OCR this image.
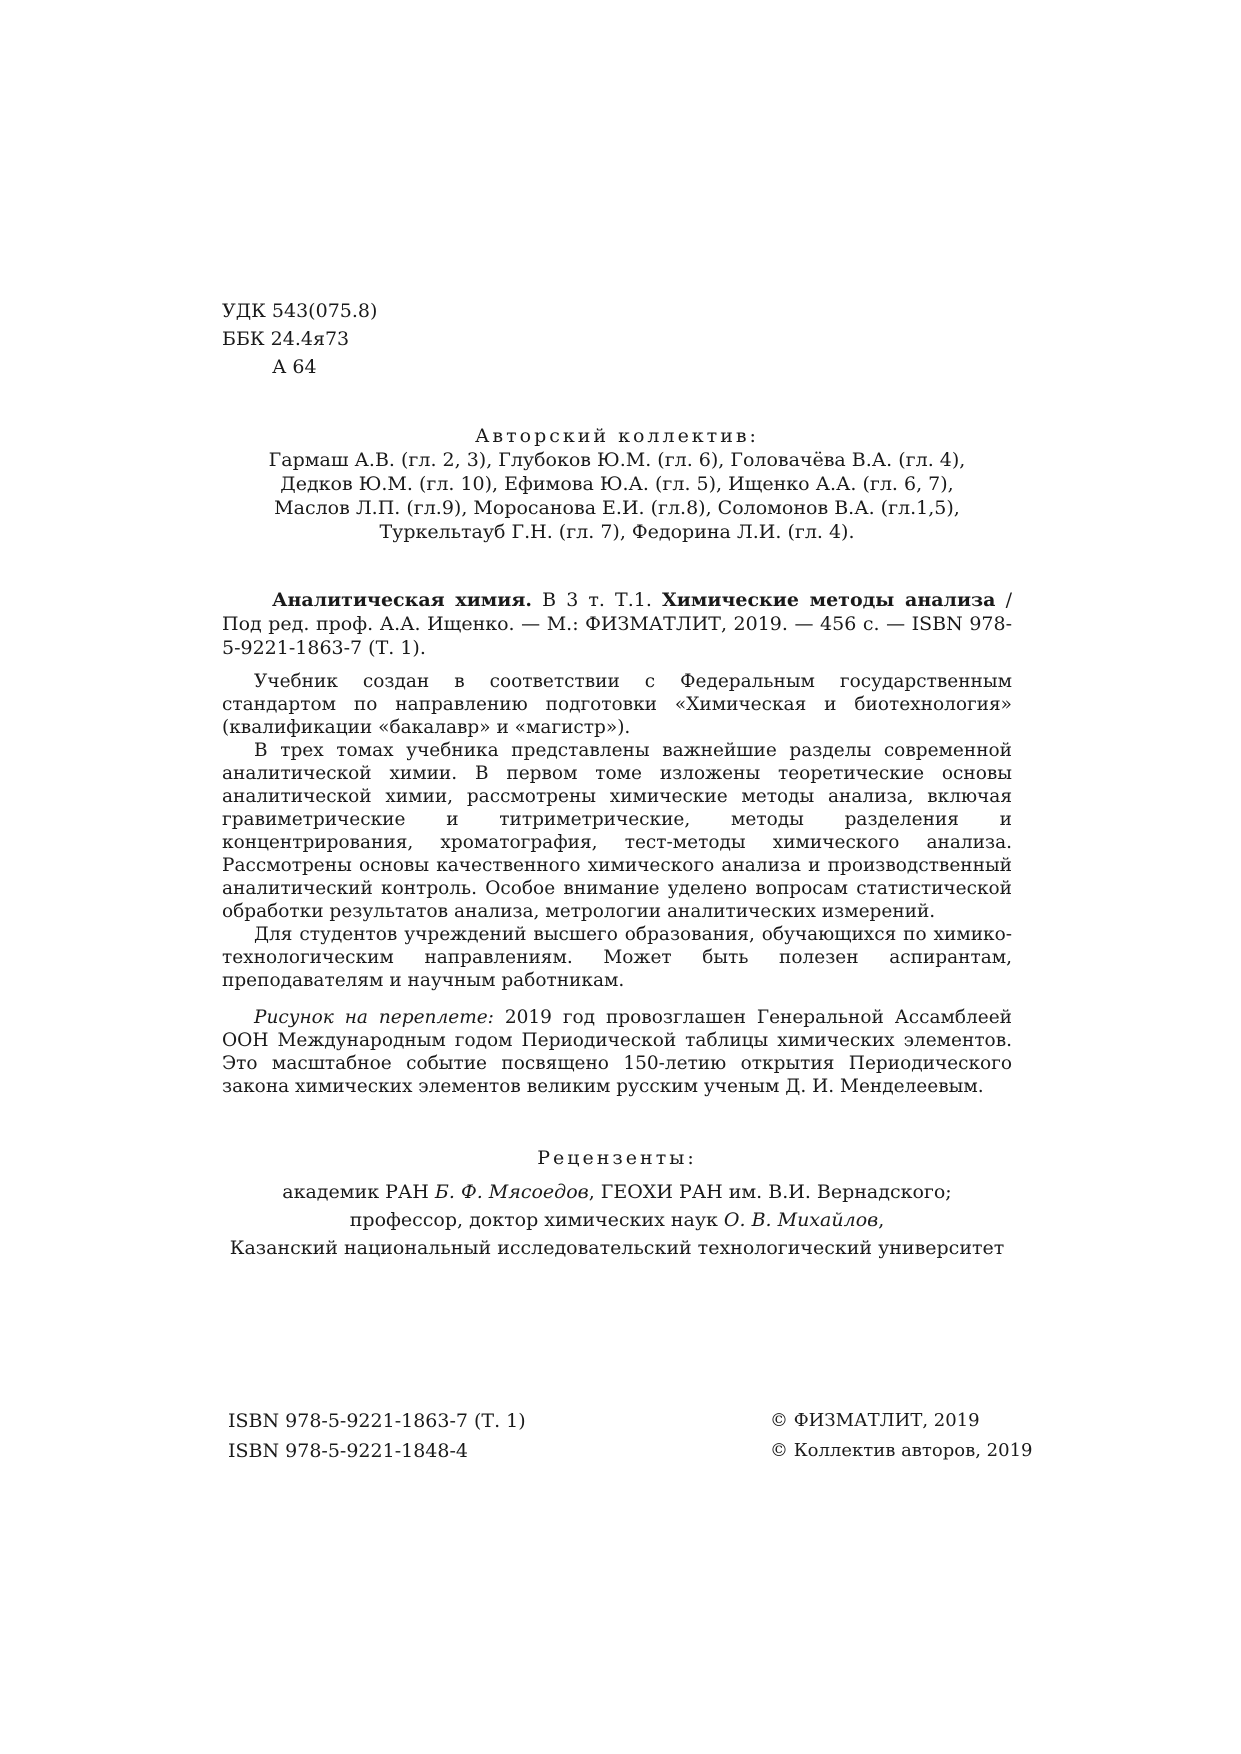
УДК 543(075.8)
ББК 24.4я73
А 64
Авторский коллектив:
Гармаш А.В. (гл. 2, 3), Глубоков Ю.М. (гл. 6), Головачёва В.А. (гл. 4),
Дедков Ю.М. (гл. 10), Ефимова Ю.А. (гл. 5), Ищенко А.А. (гл. 6, 7),
Маслов Л.П. (гл.9), Моросанова Е.И. (гл.8), Соломонов В.А. (гл.1,5),
Туркельтауб Г.Н. (гл. 7), Федорина Л.И. (гл. 4).
Аналитическая химия. В 3 т. Т.1. Химические методы анализа / Под ред. проф. А.А. Ищенко. — М.: ФИЗМАТЛИТ, 2019. — 456 с. — ISBN 978-5-9221-1863-7 (Т. 1).

Учебник создан в соответствии с Федеральным государственным стандартом по направлению подготовки «Химическая и биотехнология» (квалификации «бакалавр» и «магистр»).

В трех томах учебника представлены важнейшие разделы современной аналитической химии. В первом томе изложены теоретические основы аналитической химии, рассмотрены химические методы анализа, включая гравиметрические и титриметрические, методы разделения и концентрирования, хроматография, тест-методы химического анализа. Рассмотрены основы качественного химического анализа и производственный аналитический контроль. Особое внимание уделено вопросам статистической обработки результатов анализа, метрологии аналитических измерений.

Для студентов учреждений высшего образования, обучающихся по химико-технологическим направлениям. Может быть полезен аспирантам, преподавателям и научным работникам.

Рисунок на переплете: 2019 год провозглашен Генеральной Ассамблеей ООН Международным годом Периодической таблицы химических элементов. Это масштабное событие посвящено 150-летию открытия Периодического закона химических элементов великим русским ученым Д. И. Менделеевым.

Рецензенты:
академик РАН Б. Ф. Мясоедов, ГЕОХИ РАН им. В.И. Вернадского;
профессор, доктор химических наук О. В. Михайлов,
Казанский национальный исследовательский технологический университет
ISBN 978-5-9221-1863-7 (Т. 1)
ISBN 978-5-9221-1848-4
© ФИЗМАТЛИТ, 2019
© Коллектив авторов, 2019
